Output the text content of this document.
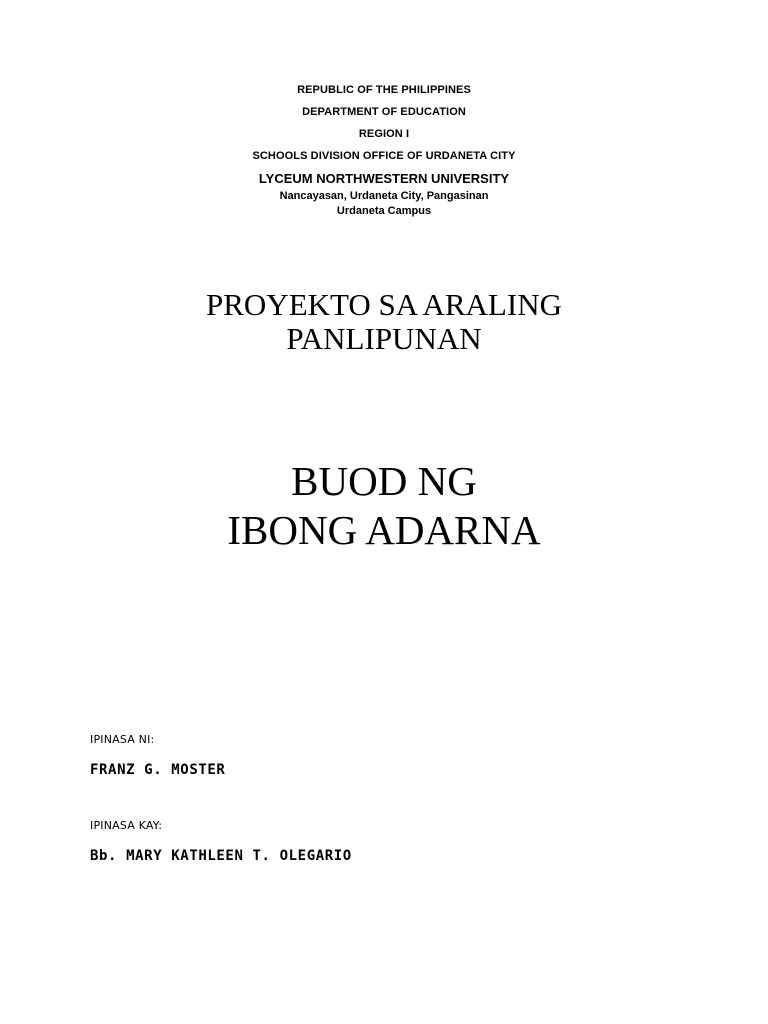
REPUBLIC OF THE PHILIPPINES
DEPARTMENT OF EDUCATION
REGION I
SCHOOLS DIVISION OFFICE OF URDANETA CITY
LYCEUM NORTHWESTERN UNIVERSITY
Nancayasan, Urdaneta City, Pangasinan
Urdaneta Campus
PROYEKTO SA ARALING
PANLIPUNAN
BUOD NG
IBONG ADARNA
IPINASA NI:
FRANZ G. MOSTER
IPINASA KAY:
Bb. MARY KATHLEEN T. OLEGARIO
